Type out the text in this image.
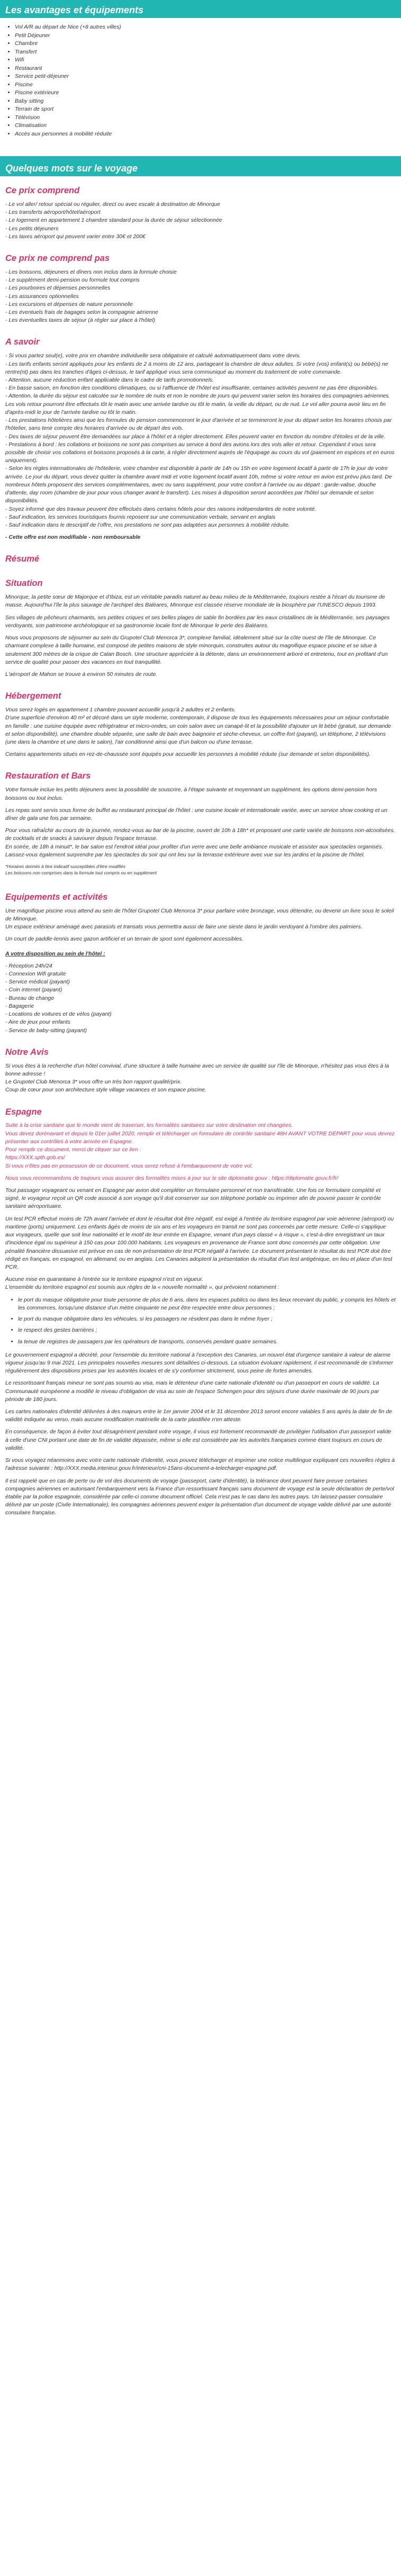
Les avantages et équipements
• Vol A/R au départ de Nice (+8 autres villes)
• Petit Déjeuner
• Chambre
• Transfert
• Wifi
• Restaurant
• Service petit-déjeuner
• Piscine
• Piscine extérieure
• Baby sitting
• Terrain de sport
• Télévision
• Climatisation
• Accès aux personnes à mobilité réduite
Quelques mots sur le voyage
Ce prix comprend
- Le vol aller/ retour spécial ou régulier, direct ou avec escale à destination de Minorque
- Les transferts aéroport/hôtel/aéroport
- Le logement en appartement 1 chambre standard pour la durée de séjour sélectionnée
- Les petits déjeuners
- Les taxes aéroport qui peuvent varier entre 30€ et 200€
Ce prix ne comprend pas
- Les boissons, déjeuners et dîners non inclus dans la formule choisie
- Le supplément demi-pension ou formule tout compris
- Les pourboires et dépenses personnelles
- Les assurances optionnelles
- Les excursions et dépenses de nature personnelle
- Les éventuels frais de bagages selon la compagnie aérienne
- Les éventuelles taxes de séjour (à régler sur place à l'hôtel)
A savoir

- Si vous partez seul(e), votre prix en chambre individuelle sera obligatoire et calculé automatiquement dans votre devis.
- Les tarifs enfants seront appliqués pour les enfants de 2 à moins de 12 ans, partageant la chambre de deux adultes. Si votre (vos) enfant(s) ou bébé(s) ne rentre(nt) pas dans les tranches d'âges ci-dessus, le tarif appliqué vous sera communiqué au moment du traitement de votre commande.
- Attention, aucune réduction enfant applicable dans le cadre de tarifs promotionnels.
- En basse saison, en fonction des conditions climatiques, ou si l'affluence de l'hôtel est insuffisante, certaines activités peuvent ne pas être disponibles.
- Attention, la durée du séjour est calculée sur le nombre de nuits et non le nombre de jours qui peuvent varier selon les horaires des compagnies aériennes. Les vols retour pourront être effectués tôt le matin avec une arrivée tardive ou tôt le matin, la veille du départ, ou de nuit. Le vol aller pourra avoir lieu en fin d'après-midi le jour de l'arrivée tardive ou tôt le matin.
- Les prestations hôtelières ainsi que les formules de pension commenceront le jour d'arrivée et se termineront le jour du départ selon les horaires choisis par l'hôtelier, sans tenir compte des horaires d'arrivée ou de départ des vols.
- Des taxes de séjour peuvent être demandées sur place à l'hôtel et à régler directement. Elles peuvent varier en fonction du nombre d'étoiles et de la ville.
- Prestations à bord : les collations et boissons ne sont pas comprises au service à bord des avions lors des vols aller et retour. Cependant il vous sera possible de choisir vos collations et boissons proposés à la carte, à régler directement auprès de l'équipage au cours du vol (paiement en espèces et en euros uniquement).
- Selon les règles internationales de l'hôtellerie, votre chambre est disponible à partir de 14h ou 15h en votre logement locatif à partir de 17h le jour de votre arrivée. Le jour du départ, vous devez quitter la chambre avant midi et votre logement locatif avant 10h, même si votre retour en avion est prévu plus tard. De nombreux hôtels proposent des services complémentaires, avec ou sans supplément, pour votre confort à l'arrivée ou au départ : garde-valise, douche d'attente, day room (chambre de jour pour vous changer avant le transfert). Les mises à disposition seront accordées par l'hôtel sur demande et selon disponibilités.
- Soyez informé que des travaux peuvent être effectués dans certains hôtels pour des raisons indépendantes de notre volonté.
- Sauf indication, les services touristiques fournis reposent sur une communication verbale, servant en anglais
- Sauf indication dans le descriptif de l'offre, nos prestations ne sont pas adaptées aux personnes à mobilité réduite.

- Cette offre est non modifiable - non remboursable

Résumé
Situation

Minorque, la petite sœur de Majorque et d'Ibiza, est un véritable paradis naturel au beau milieu de la Méditerranée, toujours restée à l'écart du tourisme de masse. Aujourd'hui l'île la plus sauvage de l'archipel des Baléares, Minorque est classée réserve mondiale de la biosphère par l'UNESCO depuis 1993.

Ses villages de pêcheurs charmants, ses petites criques et ses belles plages de sable fin bordées par les eaux cristallines de la Méditerranée, ses paysages verdoyants, son patrimoine archéologique et sa gastronomie locale font de Minorque le perle des Baléares.

Nous vous proposons de séjourner au sein du Grupotel Club Menorca 3*, complexe familial, idéalement situé sur la côte ouest de l'île de Minorque. Ce charmant complexe à taille humaine, est composé de petites maisons de style minorquin, construites autour du magnifique espace piscine et se situe à seulement 300 mètres de la crique de Calan Bosch. Une structure appréciée à la détente, dans un environnement arboré et entretenu, tout en profitant d'un service de qualité pour passer des vacances en tout tranquillité.

L'aéroport de Mahon se trouve à environ 50 minutes de route.

Hébergement

Vous serez logés en appartement 1 chambre pouvant accueillir jusqu'à 2 adultes et 2 enfants.
D'une superficie d'environ 40 m² et décoré dans un style moderne, contemporain, il dispose de tous les équipements nécessaires pour un séjour confortable en famille : une cuisine équipée avec réfrigérateur et micro-ondes, un coin salon avec un canapé-lit et la possibilité d'ajouter un lit bébé (gratuit, sur demande et selon disponibilité), une chambre double séparée, une salle de bain avec baignoire et sèche-cheveux, un coffre-fort (payant), un téléphone, 2 télévisions (une dans la chambre et une dans le salon), l'air conditionné ainsi que d'un balcon ou d'une terrasse.

Certains appartements situés en rez-de-chaussée sont équipés pour accueillir les personnes à mobilité réduite (sur demande et selon disponibilités).

Restauration et Bars

Votre formule inclue les petits déjeuners avec la possibilité de souscrire, à l'étape suivante et moyennant un supplément, les options demi-pension hors boissons ou tout inclus.

Les repas sont servis sous forme de buffet au restaurant principal de l'hôtel : une cuisine locale et internationale variée, avec un service show cooking et un dîner de gala une fois par semaine.

Pour vous rafraîchir au cours de la journée, rendez-vous au bar de la piscine, ouvert de 10h à 18h* et proposant une carte variée de boissons non-alcoolisées, de cocktails et de snacks à savourer depuis l'espace terrasse.
En soirée, de 18h à minuit*, le bar salon est l'endroit idéal pour profiter d'un verre avec une belle ambiance musicale et assister aux spectacles organisés. Laissez-vous également surprendre par les spectacles du soir qui ont lieu sur la terrasse extérieure avec vue sur les jardins et la piscine de l'hôtel.

*Horaires donnés à titre indicatif susceptibles d'être modifiés
Les boissons non comprises dans la formule tout compris ou en supplément
Equipements et activités

Une magnifique piscine vous attend au sein de l'hôtel Grupotel Club Menorca 3* pour parfaire votre bronzage, vous détendre, ou devenir un livre sous le soleil de Minorque.
Un espace extérieur aménagé avec parasols et transats vous permettra aussi de faire une sieste dans le jardin verdoyant à l'ombre des palmiers.

Un court de paddle-tennis avec gazon artificiel et un terrain de sport sont également accessibles.

A votre disposition au sein de l'hôtel :
- Réception 24h/24
- Connexion Wifi gratuite
- Service médical (payant)
- Coin internet (payant)
- Bureau de change
- Bagagerie
- Locations de voitures et de vélos (payant)
- Aire de jeux pour enfants
- Service de baby-sitting (payant)
Notre Avis

Si vous êtes à la recherche d'un hôtel convivial, d'une structure à taille humaine avec un service de qualité sur l'île de Minorque, n'hésitez pas vous êtes à la bonne adresse !
Le Grupotel Club Menorca 3* vous offre un très bon rapport qualité/prix.
Coup de cœur pour son architecture style village vacances et son espace piscine.

Espagne

Suite à la crise sanitaire que le monde vient de traverser, les formalités sanitaires sur votre destination ont changées.
Vous devez dorénavant et depuis le 01er juillet 2020, remplir et télécharger un formulaire de contrôle sanitaire 48H AVANT VOTRE DÉPART pour vous devrez présenter aux contrôles à votre arrivée en Espagne.
Pour remplir ce document, merci de cliquer sur ce lien :
https://XXX.spth.gob.es/
Si vous n'êtes pas en possession de ce document, vous serez refusé à l'embarquement de votre vol.

Nous vous recommandons de toujours vous assurer des formalités mises à jour sur le site diplomatie.gouv : https://diplomatie.gouv.fr/fr/

Tout passager voyageant ou venant en Espagne par avion doit compléter un formulaire personnel et non transférable. Une fois ce formulaire complété et signé, le voyageur reçoit un QR code associé à son voyage qu'il doit conserver sur son téléphone portable ou imprimer afin de pouvoir passer le contrôle sanitaire aéroportuaire.

Un test PCR effectué moins de 72h avant l'arrivée et dont le résultat doit être négatif, est exigé à l'entrée du territoire espagnol par voie aérienne (aéroport) ou maritime (ports) uniquement. Les enfants âgés de moins de six ans et les voyageurs en transit ne sont pas concernés par cette mesure. Celle-ci s'applique aux voyageurs, quelle que soit leur nationalité et le motif de leur entrée en Espagne, venant d'un pays classé « à risque », c'est-à-dire enregistrant un taux d'incidence égal ou supérieur à 150 cas pour 100.000 habitants. Les voyageurs en provenance de France sont donc concernés par cette obligation. Une pénalité financière dissuasive est prévue en cas de non présentation de test PCR négatif à l'arrivée. Le document présentant le résultat du test PCR doit être rédigé en français, en espagnol, en allemand, ou en anglais. Les Canaries adoptent la présentation du résultat d'un test antigénique, en lieu et place d'un test PCR.

Aucune mise en quarantaine à l'entrée sur le territoire espagnol n'est en vigueur.
L'ensemble du territoire espagnol est soumis aux règles de la « nouvelle normalité », qui prévoient notamment :

• le port du masque obligatoire pour toute personne de plus de 6 ans, dans les espaces publics ou dans les lieux recevant du public, y compris les hôtels et les commerces, lorsqu'une distance d'un mètre cinquante ne peut être respectée entre deux personnes ;
• le port du masque obligatoire dans les véhicules, si les passagers ne résident pas dans le même foyer ;
• le respect des gestes barrières ;
• la tenue de registres de passagers par les opérateurs de transports, conservés pendant quatre semaines.

Le gouvernement espagnol a décrété, pour l'ensemble du territoire national à l'exception des Canaries, un nouvel état d'urgence sanitaire à valeur de alarme vigueur jusqu'au 9 mai 2021. Les principales nouvelles mesures sont détaillées ci-dessous. La situation évoluant rapidement, il est recommandé de s'informer régulièrement des dispositions prises par les autorités locales et de s'y conformer strictement, sous peine de fortes amendes.

Le ressortissant français mineur ne sont pas soumis au visa, mais le détenteur d'une carte nationale d'identité ou d'un passeport en cours de validité. La Communauté européenne a modifié le niveau d'obligation de visa au sein de l'espace Schengen pour des séjours d'une durée maximale de 90 jours par période de 180 jours.

Les cartes nationales d'identité délivrées à des majeurs entre le 1er janvier 2004 et le 31 décembre 2013 seront encore valables 5 ans après la date de fin de validité indiquée au verso, mais aucune modification matérielle de la carte plastifiée n'en atteste.

En conséquence, de façon à éviter tout désagrément pendant votre voyage, il vous est fortement recommandé de privilégier l'utilisation d'un passeport valide à celle d'une CNI portant une date de fin de validité dépassée, même si elle est considérée par les autorités françaises comme étant toujours en cours de validité.

Si vous voyagez néanmoins avec votre carte nationale d'identité, vous pouvez télécharger et imprimer une notice multilingue expliquant ces nouvelles règles à l'adresse suivante : http://XXX.media.interieur.gouv.fr/interieur/cni-15ans-document-a-telecharger-espagne.pdf.

Il est rappelé que en cas de perte ou de vol des documents de voyage (passeport, carte d'identité), la tolérance dont peuvent faire preuve certaines compagnies aériennes en autorisant l'embarquement vers la France d'un ressortissant français sans document de voyage est la seule déclaration de perte/vol établie par la police espagnole, considérée par celle-ci comme document officiel. Cela n'est pas le cas dans les autres pays. Un laissez-passer consulaire délivré par un poste (Civile Internationale), les compagnies aériennes peuvent exiger la présentation d'un document de voyage valide délivré par une autorité consulaire française.
